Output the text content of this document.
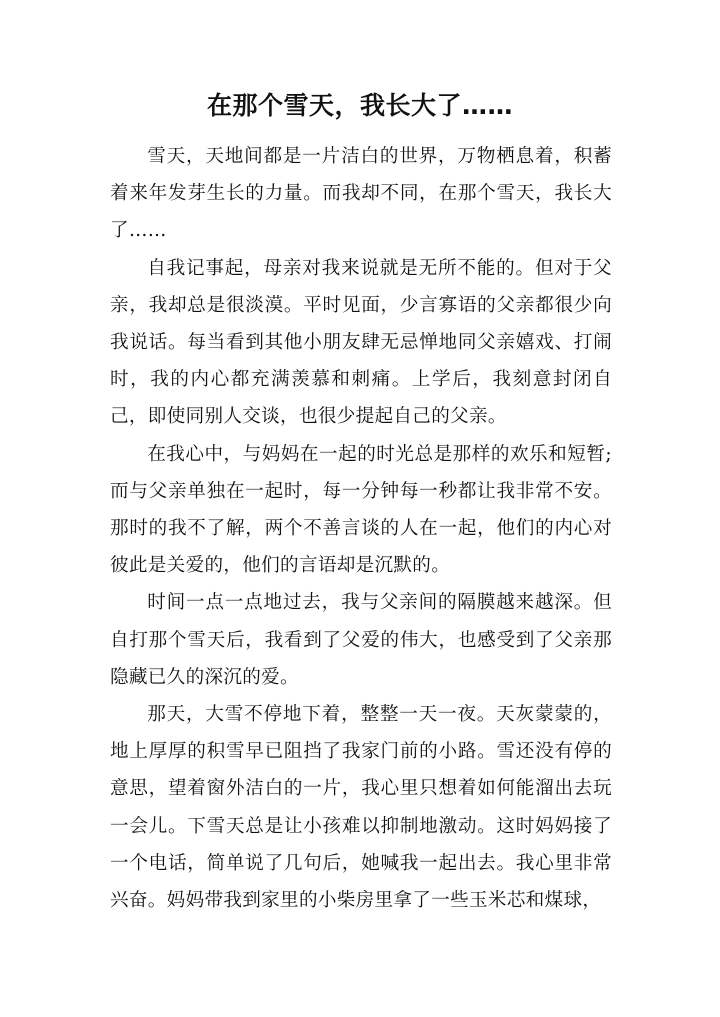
在那个雪天，我长大了……

雪天，天地间都是一片洁白的世界，万物栖息着，积蓄着来年发芽生长的力量。而我却不同，在那个雪天，我长大了……

自我记事起，母亲对我来说就是无所不能的。但对于父亲，我却总是很淡漠。平时见面，少言寡语的父亲都很少向我说话。每当看到其他小朋友肆无忌惮地同父亲嬉戏、打闹时，我的内心都充满羡慕和刺痛。上学后，我刻意封闭自己，即使同别人交谈，也很少提起自己的父亲。

在我心中，与妈妈在一起的时光总是那样的欢乐和短暂;而与父亲单独在一起时，每一分钟每一秒都让我非常不安。那时的我不了解，两个不善言谈的人在一起，他们的内心对彼此是关爱的，他们的言语却是沉默的。

时间一点一点地过去，我与父亲间的隔膜越来越深。但自打那个雪天后，我看到了父爱的伟大，也感受到了父亲那隐藏已久的深沉的爱。

那天，大雪不停地下着，整整一天一夜。天灰蒙蒙的，地上厚厚的积雪早已阻挡了我家门前的小路。雪还没有停的意思，望着窗外洁白的一片，我心里只想着如何能溜出去玩一会儿。下雪天总是让小孩难以抑制地激动。这时妈妈接了一个电话，简单说了几句后，她喊我一起出去。我心里非常兴奋。妈妈带我到家里的小柴房里拿了一些玉米芯和煤球，
